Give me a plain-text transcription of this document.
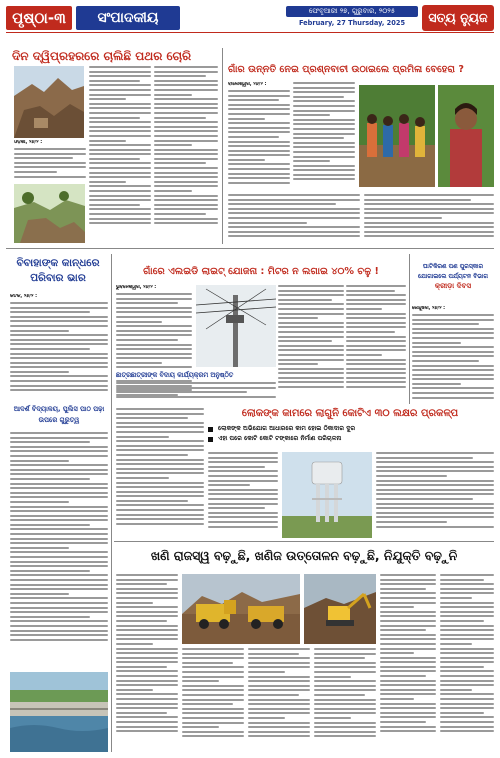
ପୃଷ୍ଠା-୩	ସଂପାଦକୀୟ	ଫେବୃଆରୀ ୨୭, ଗୁରୁବାର, ୨୦୨୫
February, 27 Thursday, 2025	ସତ୍ୟ ନ୍ୟୁଜ
ଦିନ ଦ୍ୱିପ୍ରହରରେ ଚାଲିଛି ପଥର ଚୋରି
ଓଡ଼ିଶା, ୨୬/୨ :
ଗାଁର ଉନ୍ନତି ନେଇ ପ୍ରଶ୍ନବାଚୀ ଉଠାଇଲେ ପ୍ରମିଳା ବେହେରା ?
ବାଲେଶ୍ୱର, ୨୬/୨ :
ବିବାହାଙ୍କ କାନ୍ଧରେ ପରିବାର ଭାର
କଟକ, ୨୬/୨ :
ଆଦର୍ଶ ବିଦ୍ୟାଳୟ, ପୁଲିସ ପାଠ ପଢ଼ା ଉପରେ ଗୁରୁତ୍ୱ
ଗାଁରେ ଏଲଇଡି ଲାଇଟ୍ ଯୋଜନା : ମିଟର ନ ଲଗାଇ ୪୦% ଚଳୁ !
ଭୁବନେଶ୍ୱର, ୨୬/୨ :
ଛାତ୍ରଛାତ୍ରୀଙ୍କ ବିଦାୟ କାର୍ଯ୍ୟକ୍ରମ ଅନୁଷ୍ଠିତ
ଘାଟିକିରଣ ପଣ ପୁରସ୍କାର ଯୋଗାଇଲେ ପର୍ଯ୍ୟଟନ ବିଭାଗ
କ୍ରୀଡ଼ା ଦିବସ
କେନ୍ଦୁଝର, ୨୬/୨ :
ଲୋକଙ୍କ କାମରେ ଲାଗୁନି କୋଟିଏ ୩୦ ଲକ୍ଷର ପ୍ରକଳ୍ପ
ଲୋକଙ୍କ ଅଭିଯୋଗ ଆଧାରରେ କାମ ହୋଇ ଠିକାଦାର ଦୁର
ଏହା ପରେ କୋଟି କୋଟି ଟଙ୍କାରେ ନିର୍ମାଣ ପରିଚାଳନା
ଖଣି ରାଜସ୍ୱ ବଢ଼ୁଛି, ଖଣିଜ ଉତ୍ତୋଳନ ବଢ଼ୁଛି, ନିଯୁକ୍ତି ବଢ଼ୁନି
